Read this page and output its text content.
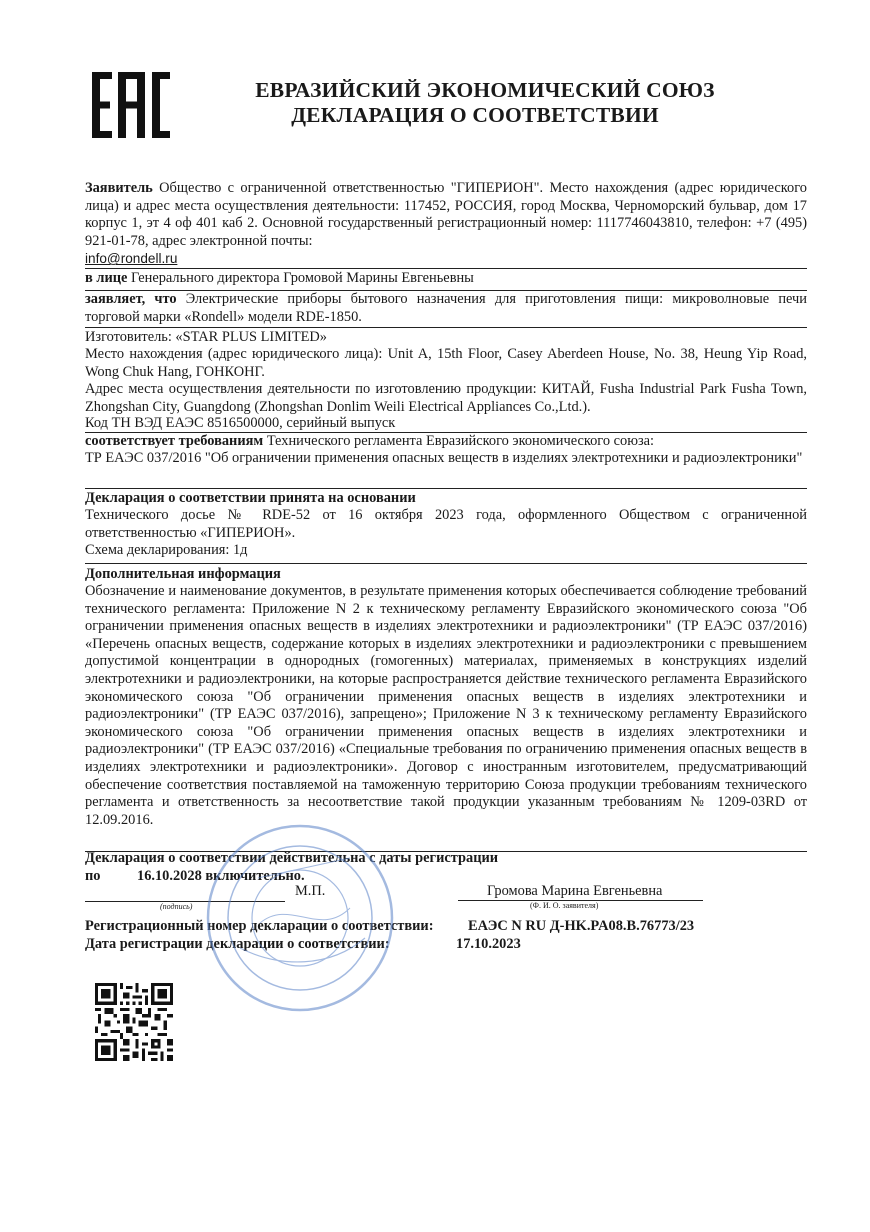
ЕВРАЗИЙСКИЙ ЭКОНОМИЧЕСКИЙ СОЮЗ
ДЕКЛАРАЦИЯ О СООТВЕТСТВИИ
Заявитель Общество с ограниченной ответственностью "ГИПЕРИОН". Место нахождения (адрес юридического лица) и адрес места осуществления деятельности: 117452, РОССИЯ, город Москва, Черноморский бульвар, дом 17 корпус 1, эт 4 оф 401 каб 2. Основной государственный регистрационный номер: 1117746043810, телефон: +7 (495) 921-01-78, адрес электронной почты:
info@rondell.ru
в лице Генерального директора Громовой Марины Евгеньевны
заявляет, что Электрические приборы бытового назначения для приготовления пищи: микроволновые печи торговой марки «Rondell» модели RDE-1850.
Изготовитель: «STAR PLUS LIMITED»
Место нахождения (адрес юридического лица): Unit A, 15th Floor, Casey Aberdeen House, No. 38, Heung Yip Road, Wong Chuk Hang, ГОНКОНГ.
Адрес места осуществления деятельности по изготовлению продукции: КИТАЙ, Fusha Industrial Park Fusha Town, Zhongshan City, Guangdong (Zhongshan Donlim Weili Electrical Appliances Co.,Ltd.).
Код ТН ВЭД ЕАЭС 8516500000, серийный выпуск
соответствует требованиям Технического регламента Евразийского экономического союза:
ТР ЕАЭС 037/2016 "Об ограничении применения опасных веществ в изделиях электротехники и радиоэлектроники"
Декларация о соответствии принята на основании
Технического досье № RDE-52 от 16 октября 2023 года, оформленного Обществом с ограниченной ответственностью «ГИПЕРИОН».
Схема декларирования: 1д
Дополнительная информация
Обозначение и наименование документов, в результате применения которых обеспечивается соблюдение требований технического регламента: Приложение N 2 к техническому регламенту Евразийского экономического союза "Об ограничении применения опасных веществ в изделиях электротехники и радиоэлектроники" (ТР ЕАЭС 037/2016) «Перечень опасных веществ, содержание которых в изделиях электротехники и радиоэлектроники с превышением допустимой концентрации в однородных (гомогенных) материалах, применяемых в конструкциях изделий электротехники и радиоэлектроники, на которые распространяется действие технического регламента Евразийского экономического союза "Об ограничении применения опасных веществ в изделиях электротехники и радиоэлектроники" (ТР ЕАЭС 037/2016), запрещено»; Приложение N 3 к техническому регламенту Евразийского экономического союза "Об ограничении применения опасных веществ в изделиях электротехники и радиоэлектроники" (ТР ЕАЭС 037/2016) «Специальные требования по ограничению применения опасных веществ в изделиях электротехники и радиоэлектроники». Договор с иностранным изготовителем, предусматривающий обеспечение соответствия поставляемой на таможенную территорию Союза продукции требованиям технического регламента и ответственность за несоответствие такой продукции указанным требованиям № 1209-03RD от 12.09.2016.
Декларация о соответствии действительна с даты регистрации
по	16.10.2028 включительно.
(подпись)
М.П.	Громова Марина Евгеньевна
(Ф. И. О. заявителя)
Регистрационный номер декларации о соответствии: ЕАЭС N RU Д-HK.PA08.B.76773/23
Дата регистрации декларации о соответствии:	17.10.2023
